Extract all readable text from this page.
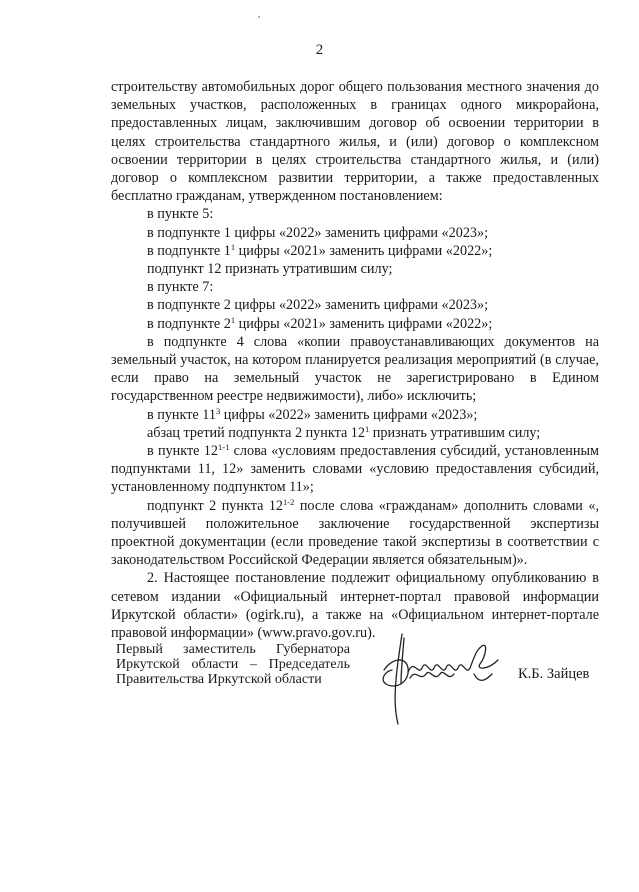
2

строительству автомобильных дорог общего пользования местного значения до земельных участков, расположенных в границах одного микрорайона, предоставленных лицам, заключившим договор об освоении территории в целях строительства стандартного жилья, и (или) договор о комплексном освоении территории в целях строительства стандартного жилья, и (или) договор о комплексном развитии территории, а также предоставленных бесплатно гражданам, утвержденном постановлением:

в пункте 5:

в подпункте 1 цифры «2022» заменить цифрами «2023»;

в подпункте $1^1$ цифры «2021» заменить цифрами «2022»;

подпункт 12 признать утратившим силу;

в пункте 7:

в подпункте 2 цифры «2022» заменить цифрами «2023»;

в подпункте $2^1$ цифры «2021» заменить цифрами «2022»;

в подпункте 4 слова «копии правоустанавливающих документов на земельный участок, на котором планируется реализация мероприятий (в случае, если право на земельный участок не зарегистрировано в Едином государственном реестре недвижимости), либо» исключить;

в пункте $11^3$ цифры «2022» заменить цифрами «2023»;

абзац третий подпункта 2 пункта $12^1$ признать утратившим силу;

в пункте 12$^{1-1}$ слова «условиям предоставления субсидий, установленным подпунктами 11, 12» заменить словами «условию предоставления субсидий, установленному подпунктом 11»;

подпункт 2 пункта 12$^{1-2}$ после слова «гражданам» дополнить словами «, получившей положительное заключение государственной экспертизы проектной документации (если проведение такой экспертизы в соответствии с законодательством Российской Федерации является обязательным)».

2. Настоящее постановление подлежит официальному опубликованию в сетевом издании «Официальный интернет-портал правовой информации Иркутской области» (ogirk.ru), а также на «Официальном интернет-портале правовой информации» (www.pravo.gov.ru).

Первый заместитель Губернатора
Иркутской области – Председатель
Правительства Иркутской области	К.Б. Зайцев
